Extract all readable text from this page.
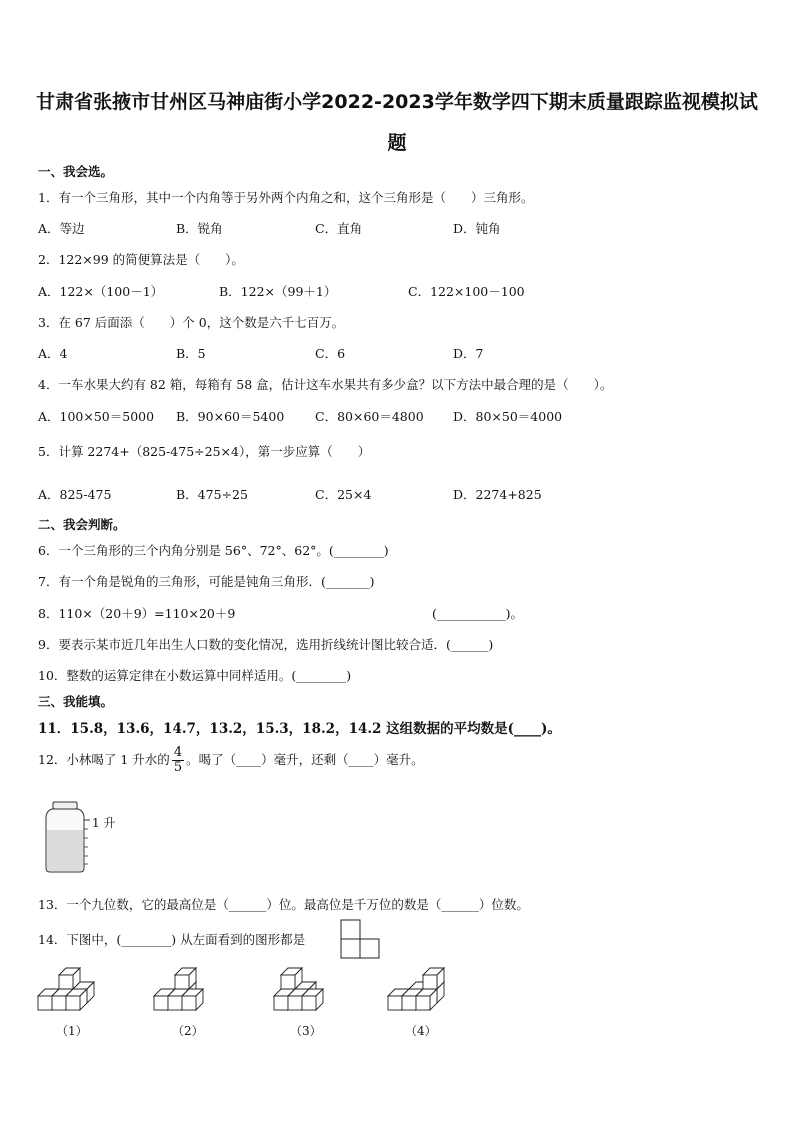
甘肃省张掖市甘州区马神庙街小学2022-2023学年数学四下期末质量跟踪监视模拟试
题
一、我会选。
1．有一个三角形，其中一个内角等于另外两个内角之和，这个三角形是（　　）三角形。
A．等边	B．锐角	C．直角	D．钝角
2．122×99 的简便算法是（　　）。
A．122×（100－1）	B．122×（99＋1）	C．122×100－100
3．在 67 后面添（　　）个 0，这个数是六千七百万。
A．4	B．5	C．6	D．7
4．一车水果大约有 82 箱，每箱有 58 盒，估计这车水果共有多少盒？以下方法中最合理的是（　　）。
A．100×50＝5000 B．90×60＝5400 C．80×60＝4800 D．80×50＝4000
5．计算 2274+（825-475÷25×4），第一步应算（　　）
A．825-475	B．475÷25	C．25×4	D．2274+825
二、我会判断。
6．一个三角形的三个内角分别是 56°、72°、62°。(________)
7．有一个角是锐角的三角形，可能是钝角三角形．(_______)
8．110×（20＋9）=110×20＋9	(___________)。
9．要表示某市近几年出生人口数的变化情况，选用折线统计图比较合适．(______)
10．整数的运算定律在小数运算中同样适用。(________)
三、我能填。
11．15.8，13.6，14.7，13.2，15.3，18.2，14.2 这组数据的平均数是(____)。
12．小林喝了 1 升水的 $\frac{4}{5}$ 。喝了（____）毫升，还剩（____）毫升。
1 升
13．一个九位数，它的最高位是（______）位。最高位是千万位的数是（______）位数。
14．下图中，(________) 从左面看到的图形都是
（1）	（2）	（3）	（4）
